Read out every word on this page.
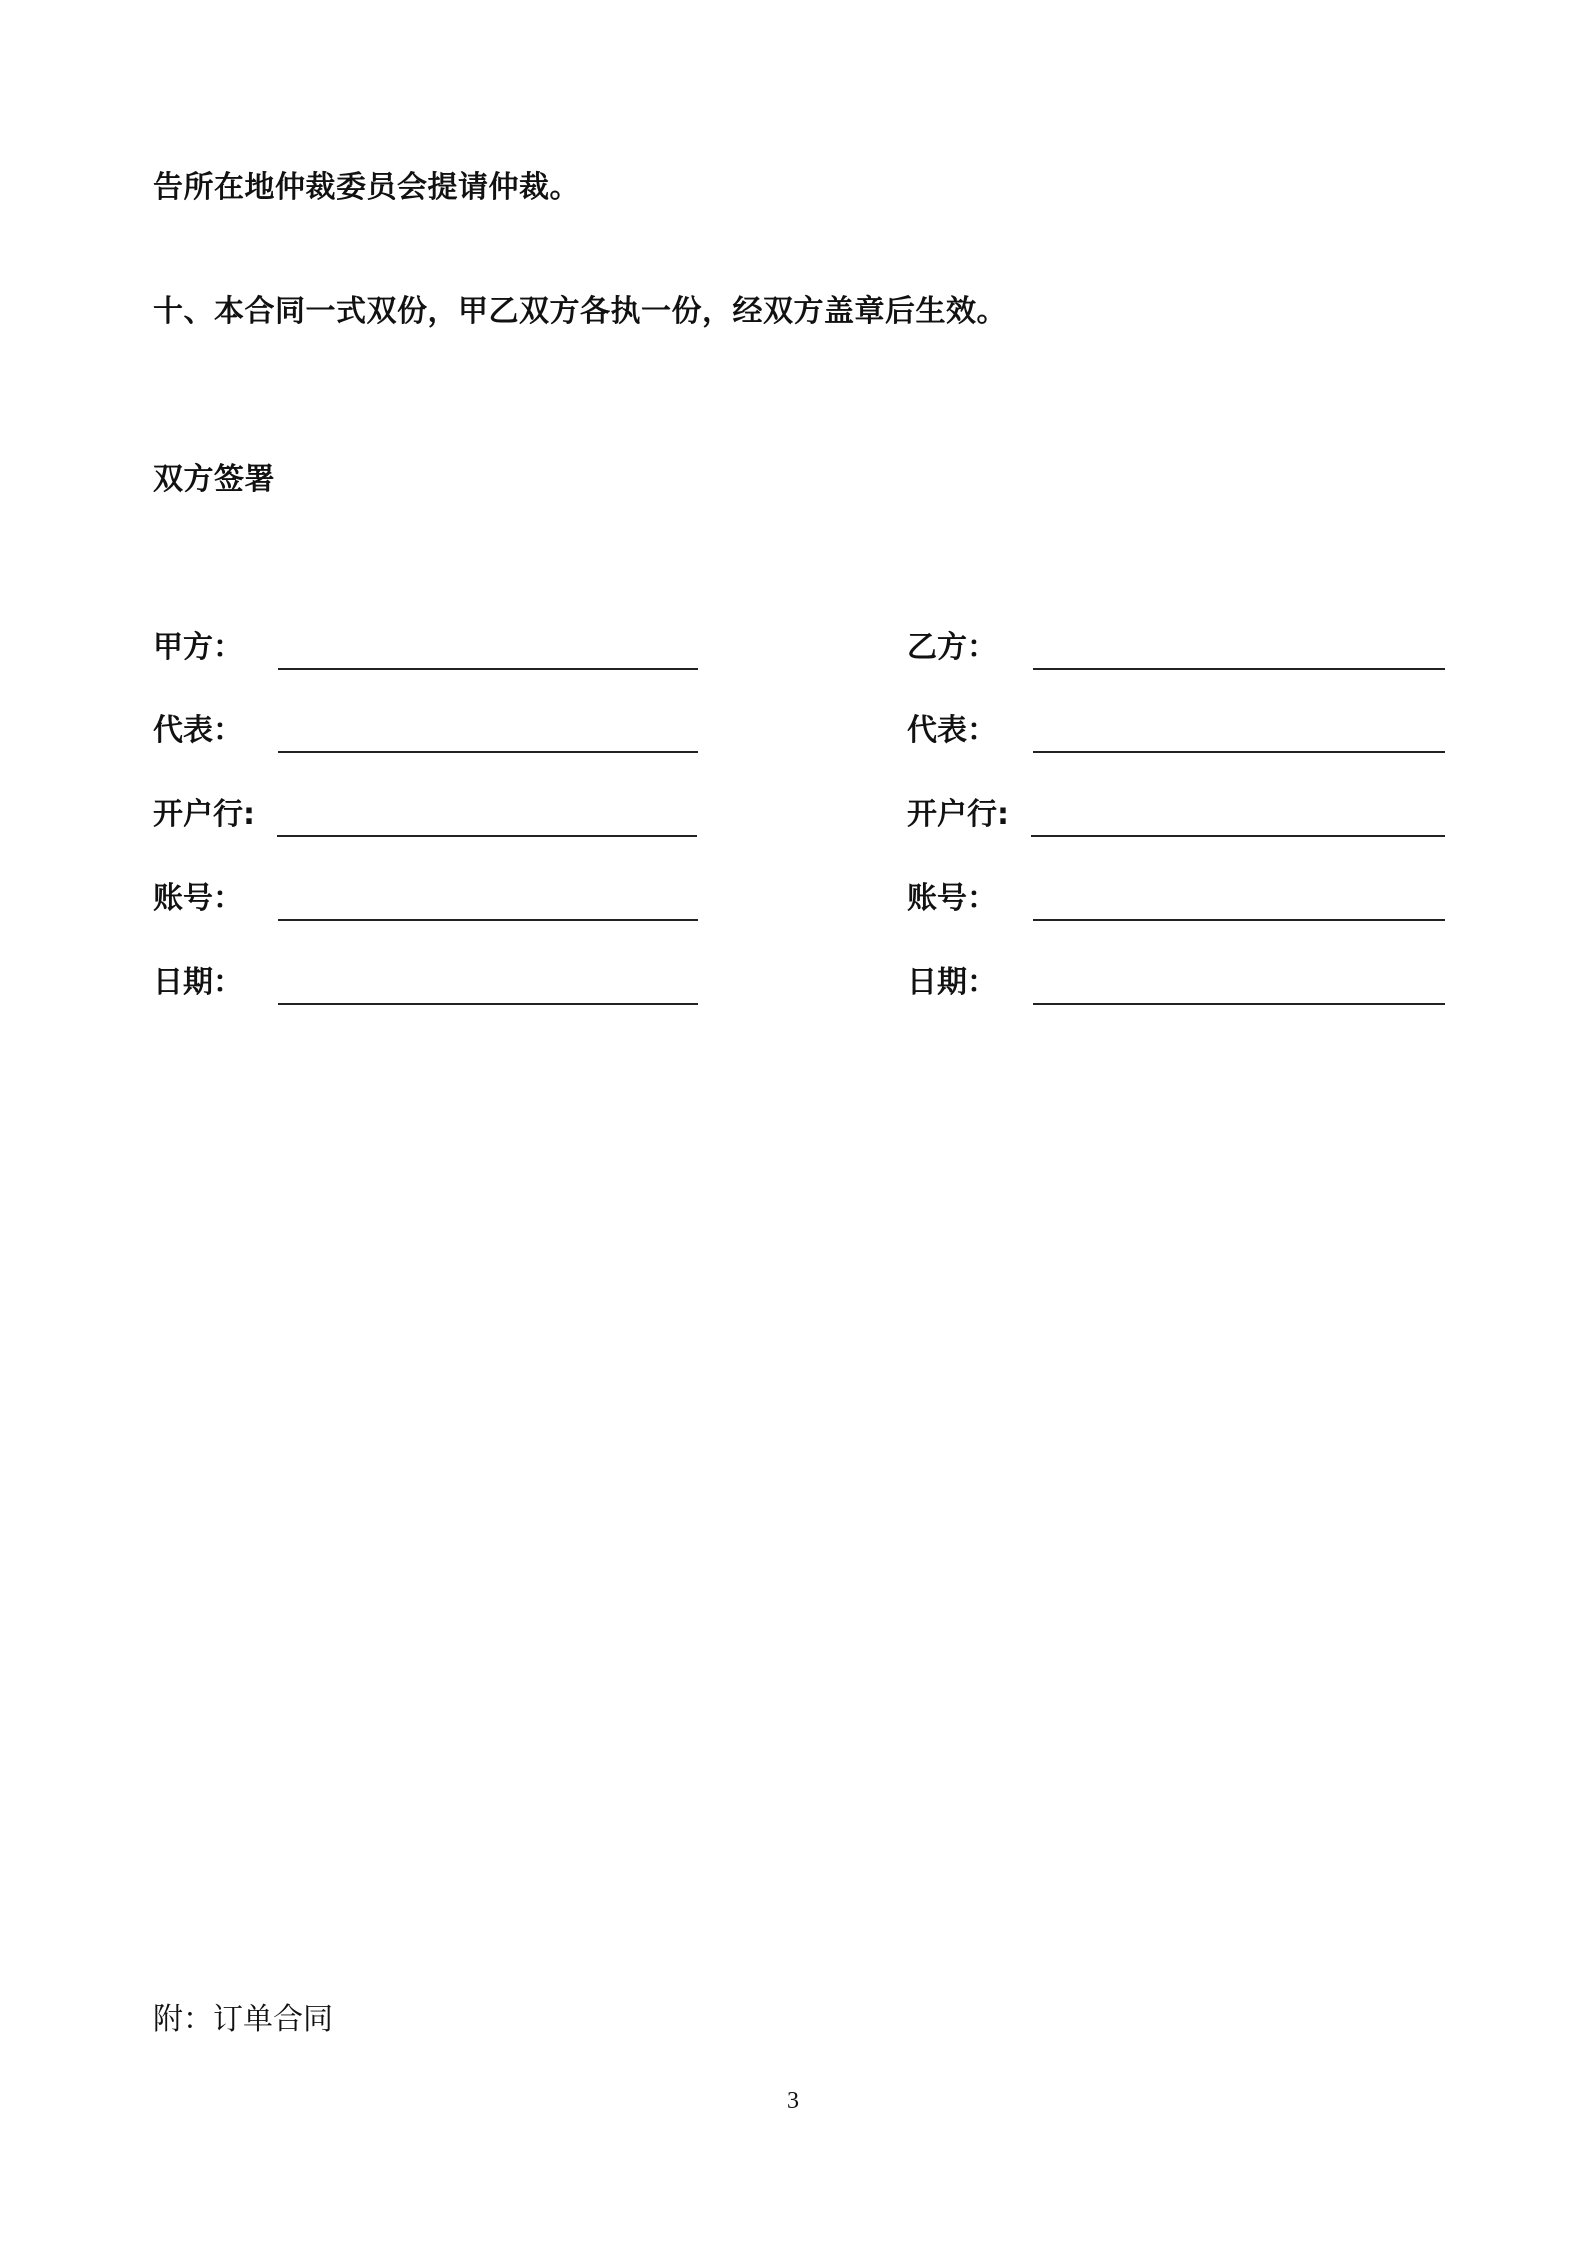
告所在地仲裁委员会提请仲裁。
十、本合同一式双份，甲乙双方各执一份，经双方盖章后生效。
双方签署
甲方：
代表：
开户行:
账号：
日期：
乙方：
代表：
开户行:
账号：
日期：
附：订单合同
3
